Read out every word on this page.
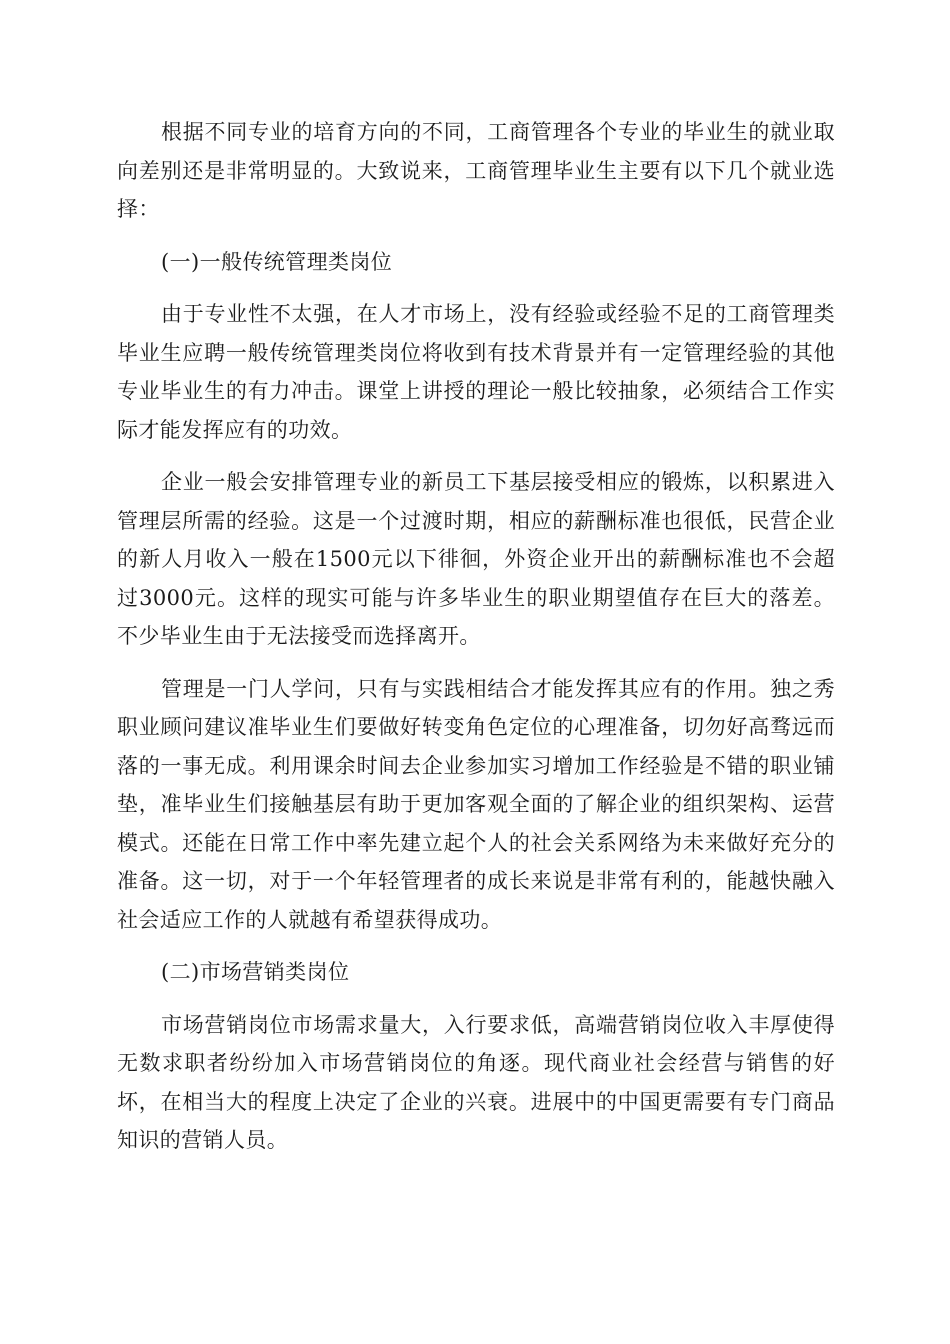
根据不同专业的培育方向的不同，工商管理各个专业的毕业生的就业取向差别还是非常明显的。大致说来，工商管理毕业生主要有以下几个就业选择：

(一)一般传统管理类岗位

由于专业性不太强，在人才市场上，没有经验或经验不足的工商管理类毕业生应聘一般传统管理类岗位将收到有技术背景并有一定管理经验的其他专业毕业生的有力冲击。课堂上讲授的理论一般比较抽象，必须结合工作实际才能发挥应有的功效。

企业一般会安排管理专业的新员工下基层接受相应的锻炼，以积累进入管理层所需的经验。这是一个过渡时期，相应的薪酬标准也很低，民营企业的新人月收入一般在1500元以下徘徊，外资企业开出的薪酬标准也不会超过3000元。这样的现实可能与许多毕业生的职业期望值存在巨大的落差。不少毕业生由于无法接受而选择离开。

管理是一门人学问，只有与实践相结合才能发挥其应有的作用。独之秀职业顾问建议准毕业生们要做好转变角色定位的心理准备，切勿好高骛远而落的一事无成。利用课余时间去企业参加实习增加工作经验是不错的职业铺垫，准毕业生们接触基层有助于更加客观全面的了解企业的组织架构、运营模式。还能在日常工作中率先建立起个人的社会关系网络为未来做好充分的准备。这一切，对于一个年轻管理者的成长来说是非常有利的，能越快融入社会适应工作的人就越有希望获得成功。

(二)市场营销类岗位

市场营销岗位市场需求量大，入行要求低，高端营销岗位收入丰厚使得无数求职者纷纷加入市场营销岗位的角逐。现代商业社会经营与销售的好坏，在相当大的程度上决定了企业的兴衰。进展中的中国更需要有专门商品知识的营销人员。
